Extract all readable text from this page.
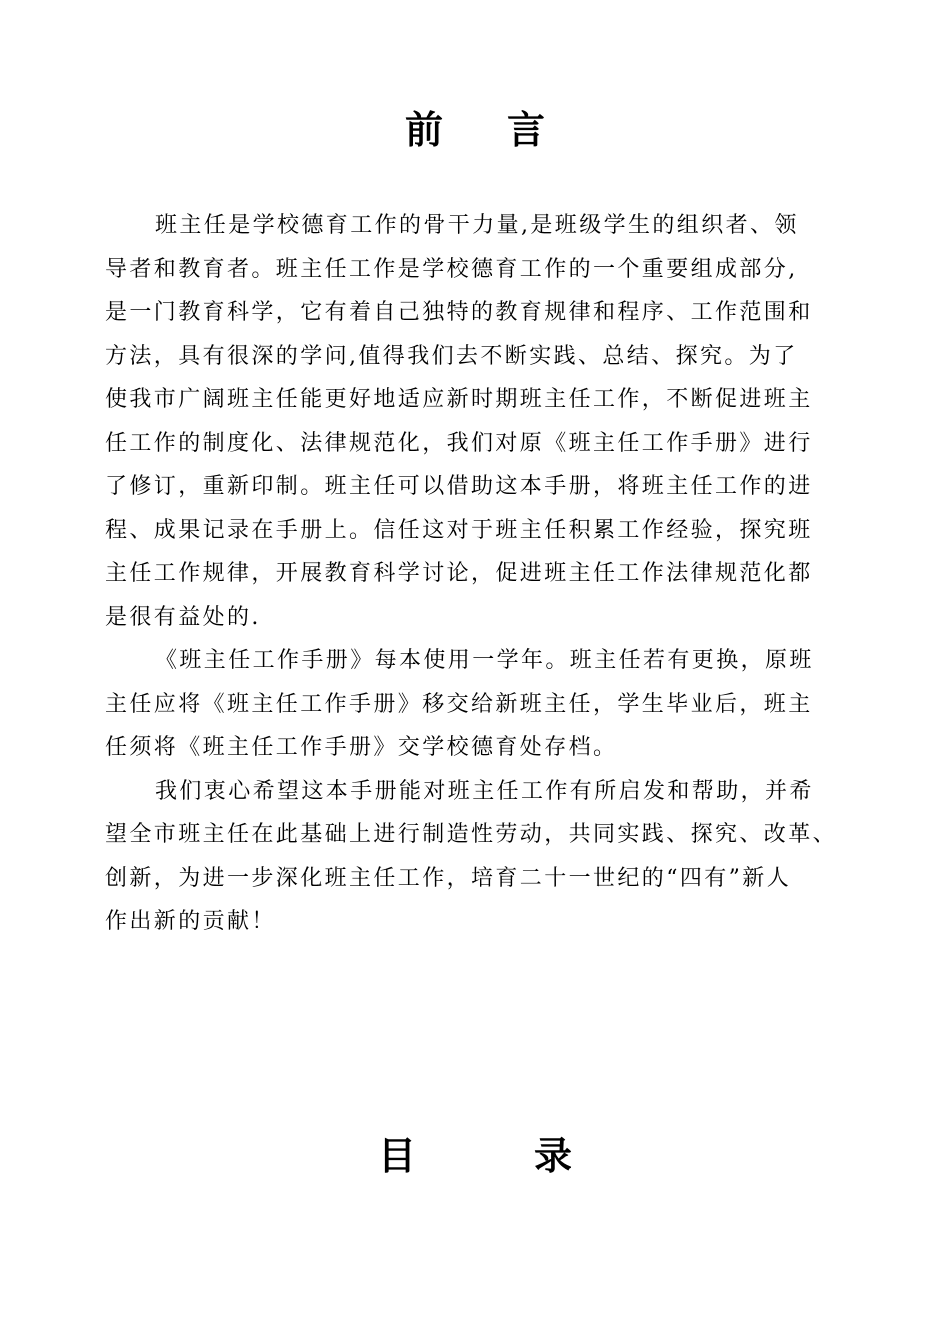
前 言
班主任是学校德育工作的骨干力量,是班级学生的组织者、领
导者和教育者。班主任工作是学校德育工作的一个重要组成部分,
是一门教育科学，它有着自己独特的教育规律和程序、工作范围和
方法，具有很深的学问,值得我们去不断实践、总结、探究。为了
使我市广阔班主任能更好地适应新时期班主任工作，不断促进班主
任工作的制度化、法律规范化，我们对原《班主任工作手册》进行
了修订，重新印制。班主任可以借助这本手册，将班主任工作的进
程、成果记录在手册上。信任这对于班主任积累工作经验，探究班
主任工作规律，开展教育科学讨论，促进班主任工作法律规范化都
是很有益处的.
《班主任工作手册》每本使用一学年。班主任若有更换，原班
主任应将《班主任工作手册》移交给新班主任，学生毕业后，班主
任须将《班主任工作手册》交学校德育处存档。
我们衷心希望这本手册能对班主任工作有所启发和帮助，并希
望全市班主任在此基础上进行制造性劳动，共同实践、探究、改革、
创新，为进一步深化班主任工作，培育二十一世纪的“四有”新人
作出新的贡献！
目	录
